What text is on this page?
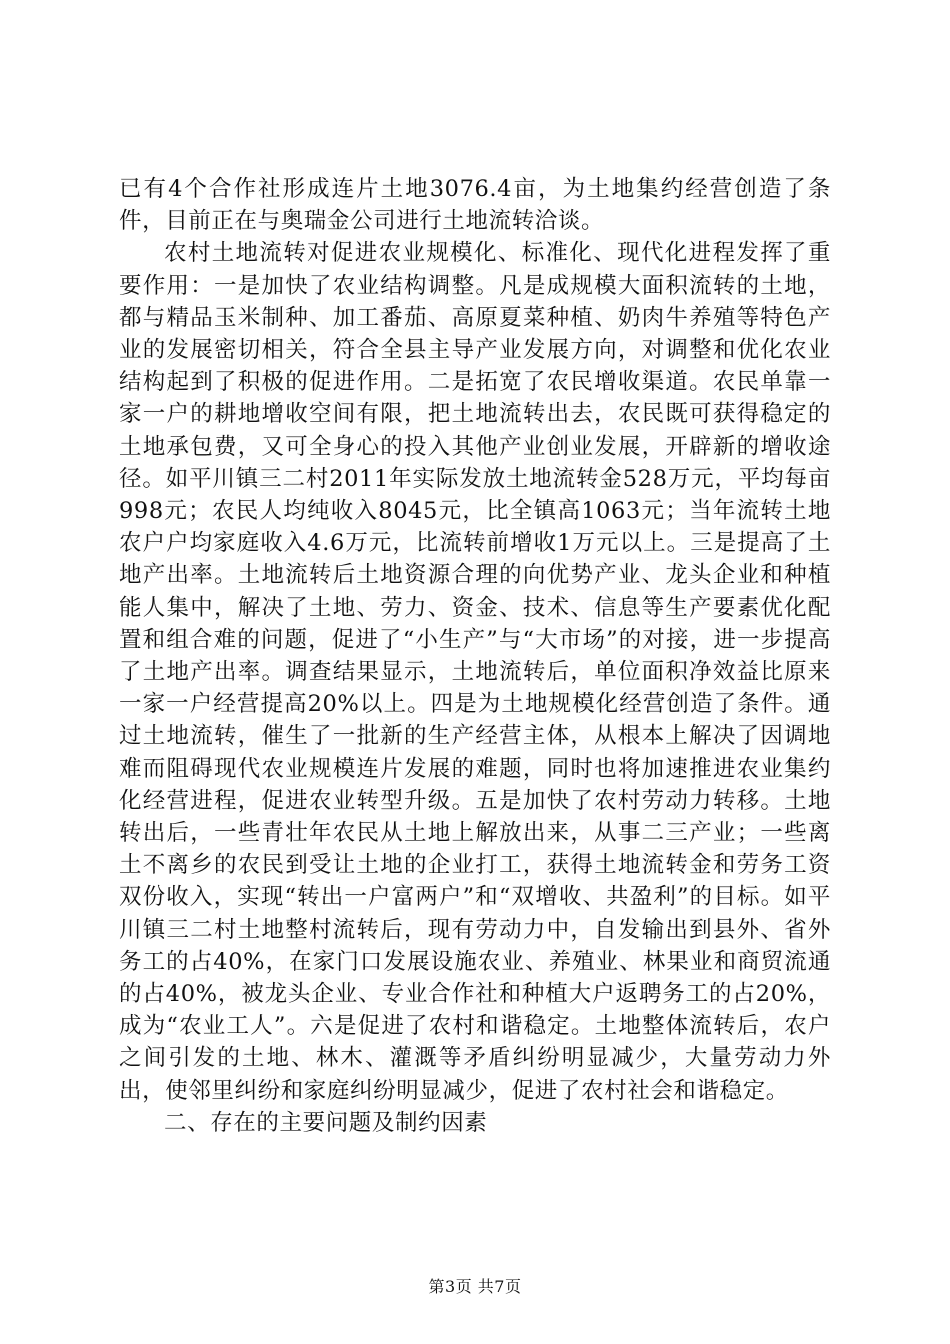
已有4个合作社形成连片土地3076.4亩，为土地集约经营创造了条件，目前正在与奥瑞金公司进行土地流转洽谈。

农村土地流转对促进农业规模化、标准化、现代化进程发挥了重要作用：一是加快了农业结构调整。凡是成规模大面积流转的土地，都与精品玉米制种、加工番茄、高原夏菜种植、奶肉牛养殖等特色产业的发展密切相关，符合全县主导产业发展方向，对调整和优化农业结构起到了积极的促进作用。二是拓宽了农民增收渠道。农民单靠一家一户的耕地增收空间有限，把土地流转出去，农民既可获得稳定的土地承包费，又可全身心的投入其他产业创业发展，开辟新的增收途径。如平川镇三二村2011年实际发放土地流转金528万元，平均每亩998元；农民人均纯收入8045元，比全镇高1063元；当年流转土地农户户均家庭收入4.6万元，比流转前增收1万元以上。三是提高了土地产出率。土地流转后土地资源合理的向优势产业、龙头企业和种植能人集中，解决了土地、劳力、资金、技术、信息等生产要素优化配置和组合难的问题，促进了“小生产”与“大市场”的对接，进一步提高了土地产出率。调查结果显示，土地流转后，单位面积净效益比原来一家一户经营提高20%以上。四是为土地规模化经营创造了条件。通过土地流转，催生了一批新的生产经营主体，从根本上解决了因调地难而阻碍现代农业规模连片发展的难题，同时也将加速推进农业集约化经营进程，促进农业转型升级。五是加快了农村劳动力转移。土地转出后，一些青壮年农民从土地上解放出来，从事二三产业；一些离土不离乡的农民到受让土地的企业打工，获得土地流转金和劳务工资双份收入，实现“转出一户富两户”和“双增收、共盈利”的目标。如平川镇三二村土地整村流转后，现有劳动力中，自发输出到县外、省外务工的占40%，在家门口发展设施农业、养殖业、林果业和商贸流通的占40%，被龙头企业、专业合作社和种植大户返聘务工的占20%，成为“农业工人”。六是促进了农村和谐稳定。土地整体流转后，农户之间引发的土地、林木、灌溉等矛盾纠纷明显减少，大量劳动力外出，使邻里纠纷和家庭纠纷明显减少，促进了农村社会和谐稳定。

二、存在的主要问题及制约因素

第3页 共7页
